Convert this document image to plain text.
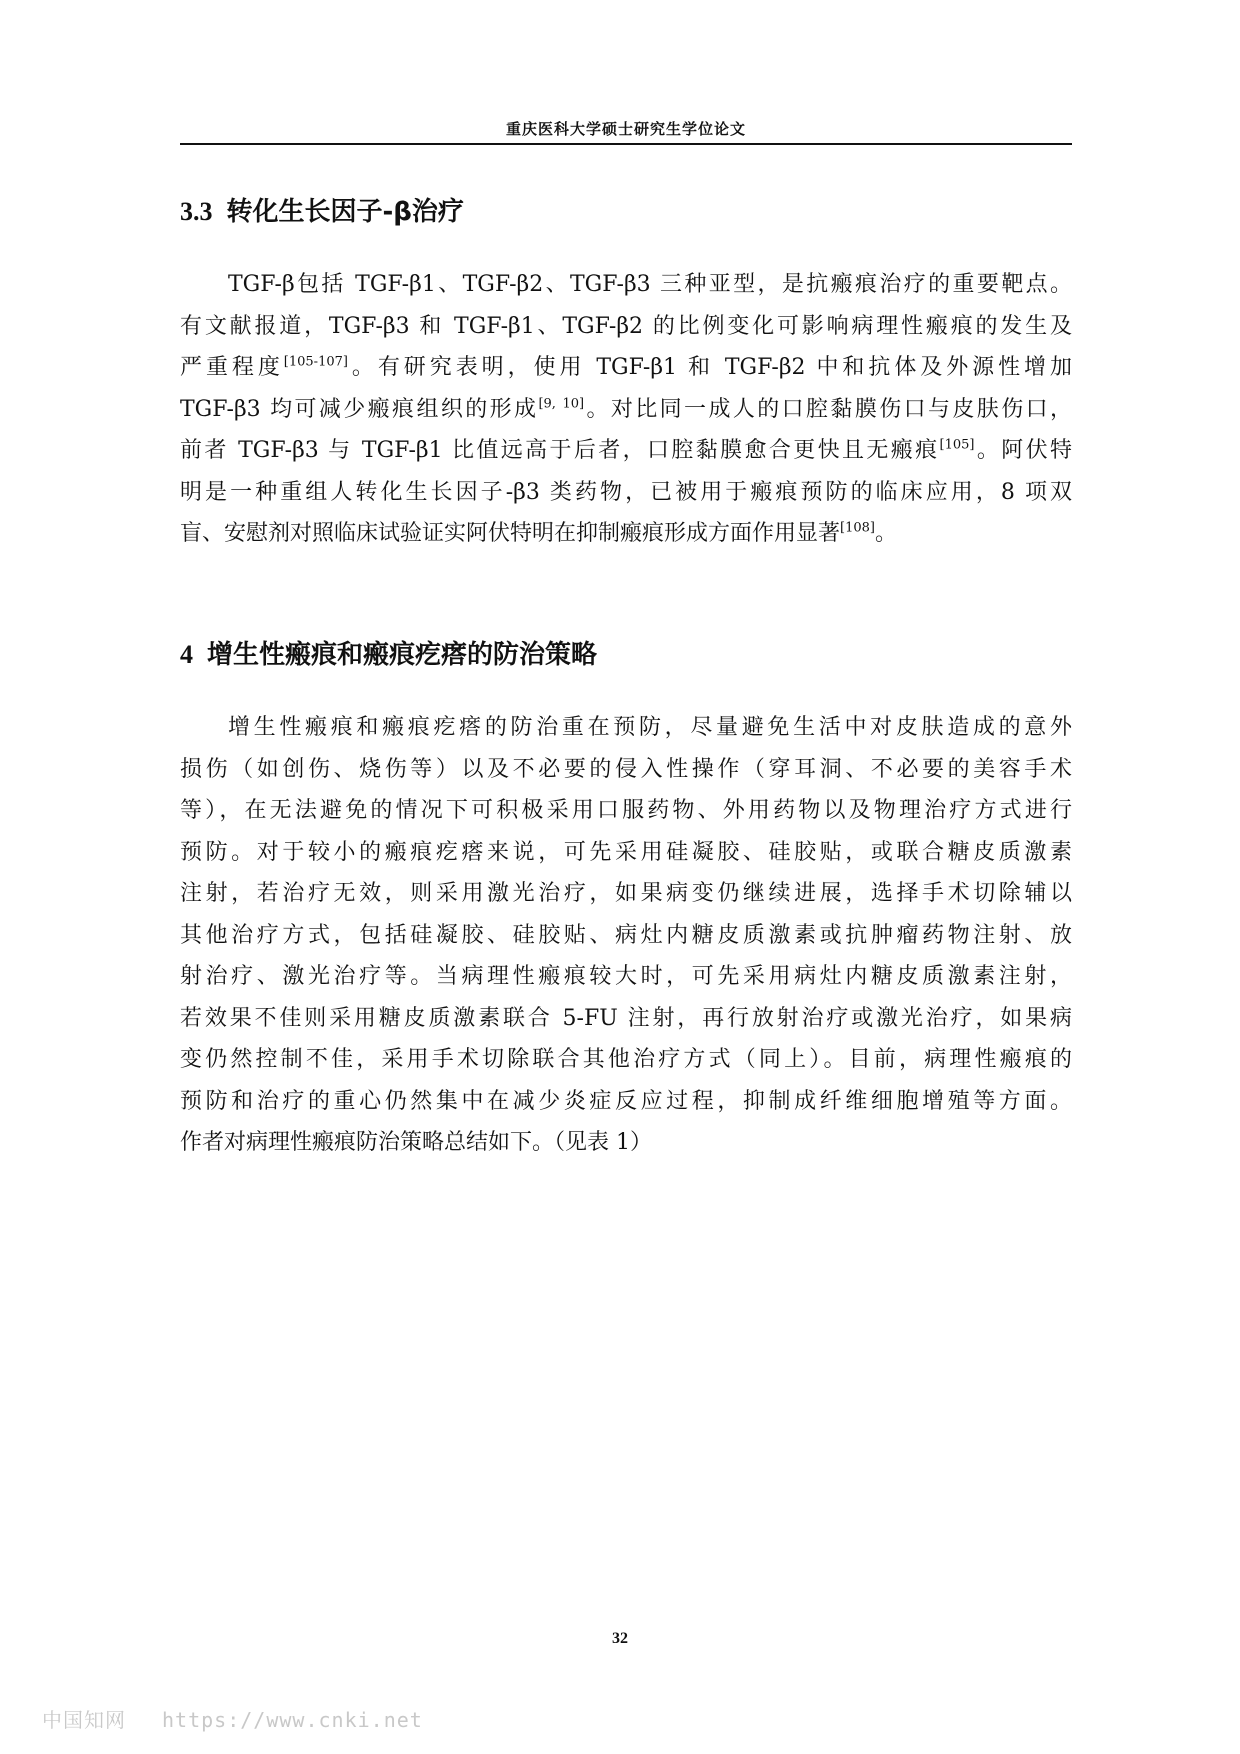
重庆医科大学硕士研究生学位论文
3.3 转化生长因子-β治疗
TGF-β包括 TGF-β1、TGF-β2、TGF-β3 三种亚型，是抗瘢痕治疗的重要靶点。
有文献报道，TGF-β3 和 TGF-β1、TGF-β2 的比例变化可影响病理性瘢痕的发生及
严重程度[105-107]。有研究表明，使用 TGF-β1 和 TGF-β2 中和抗体及外源性增加
TGF-β3 均可减少瘢痕组织的形成[9, 10]。对比同一成人的口腔黏膜伤口与皮肤伤口，
前者 TGF-β3 与 TGF-β1 比值远高于后者，口腔黏膜愈合更快且无瘢痕[105]。阿伏特
明是一种重组人转化生长因子-β3 类药物，已被用于瘢痕预防的临床应用，8 项双
盲、安慰剂对照临床试验证实阿伏特明在抑制瘢痕形成方面作用显著[108]。
4 增生性瘢痕和瘢痕疙瘩的防治策略
增生性瘢痕和瘢痕疙瘩的防治重在预防，尽量避免生活中对皮肤造成的意外
损伤（如创伤、烧伤等）以及不必要的侵入性操作（穿耳洞、不必要的美容手术
等），在无法避免的情况下可积极采用口服药物、外用药物以及物理治疗方式进行
预防。对于较小的瘢痕疙瘩来说，可先采用硅凝胶、硅胶贴，或联合糖皮质激素
注射，若治疗无效，则采用激光治疗，如果病变仍继续进展，选择手术切除辅以
其他治疗方式，包括硅凝胶、硅胶贴、病灶内糖皮质激素或抗肿瘤药物注射、放
射治疗、激光治疗等。当病理性瘢痕较大时，可先采用病灶内糖皮质激素注射，
若效果不佳则采用糖皮质激素联合 5-FU 注射，再行放射治疗或激光治疗，如果病
变仍然控制不佳，采用手术切除联合其他治疗方式（同上）。目前，病理性瘢痕的
预防和治疗的重心仍然集中在减少炎症反应过程，抑制成纤维细胞增殖等方面。
作者对病理性瘢痕防治策略总结如下。（见表 1）
32
中国知网 https://www.cnki.net
